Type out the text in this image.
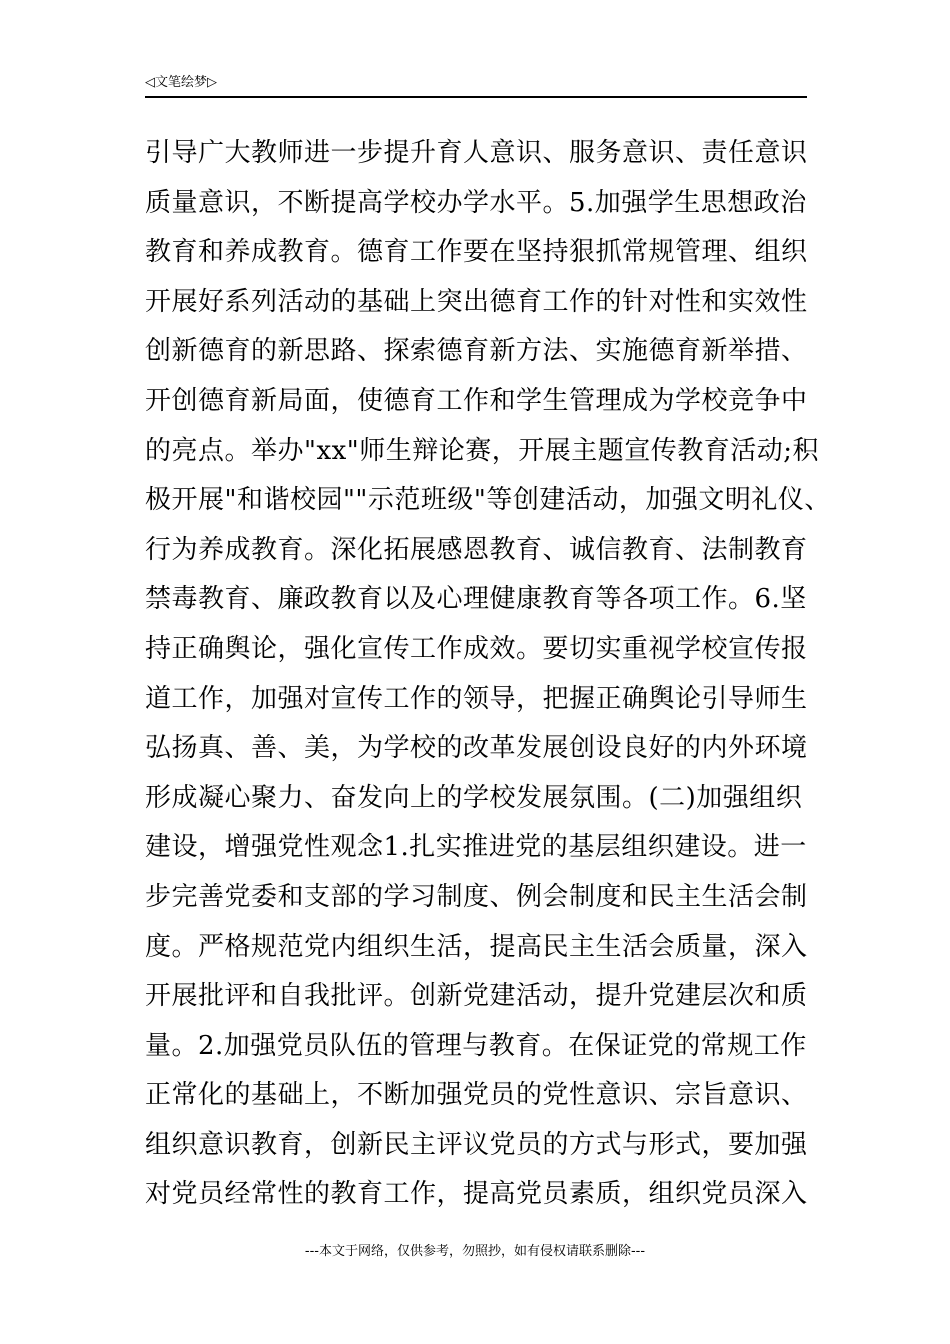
◁文笔绘梦▷
引导广大教师进一步提升育人意识、服务意识、责任意识
质量意识，不断提高学校办学水平。5.加强学生思想政治
教育和养成教育。德育工作要在坚持狠抓常规管理、组织
开展好系列活动的基础上突出德育工作的针对性和实效性
创新德育的新思路、探索德育新方法、实施德育新举措、
开创德育新局面，使德育工作和学生管理成为学校竞争中
的亮点。举办"xx"师生辩论赛，开展主题宣传教育活动;积
极开展"和谐校园""示范班级"等创建活动，加强文明礼仪、
行为养成教育。深化拓展感恩教育、诚信教育、法制教育
禁毒教育、廉政教育以及心理健康教育等各项工作。6.坚
持正确舆论，强化宣传工作成效。要切实重视学校宣传报
道工作，加强对宣传工作的领导，把握正确舆论引导师生
弘扬真、善、美，为学校的改革发展创设良好的内外环境
形成凝心聚力、奋发向上的学校发展氛围。(二)加强组织
建设，增强党性观念1.扎实推进党的基层组织建设。进一
步完善党委和支部的学习制度、例会制度和民主生活会制
度。严格规范党内组织生活，提高民主生活会质量，深入
开展批评和自我批评。创新党建活动，提升党建层次和质
量。2.加强党员队伍的管理与教育。在保证党的常规工作
正常化的基础上，不断加强党员的党性意识、宗旨意识、
组织意识教育，创新民主评议党员的方式与形式，要加强
对党员经常性的教育工作，提高党员素质，组织党员深入
---本文于网络，仅供参考，勿照抄，如有侵权请联系删除---
